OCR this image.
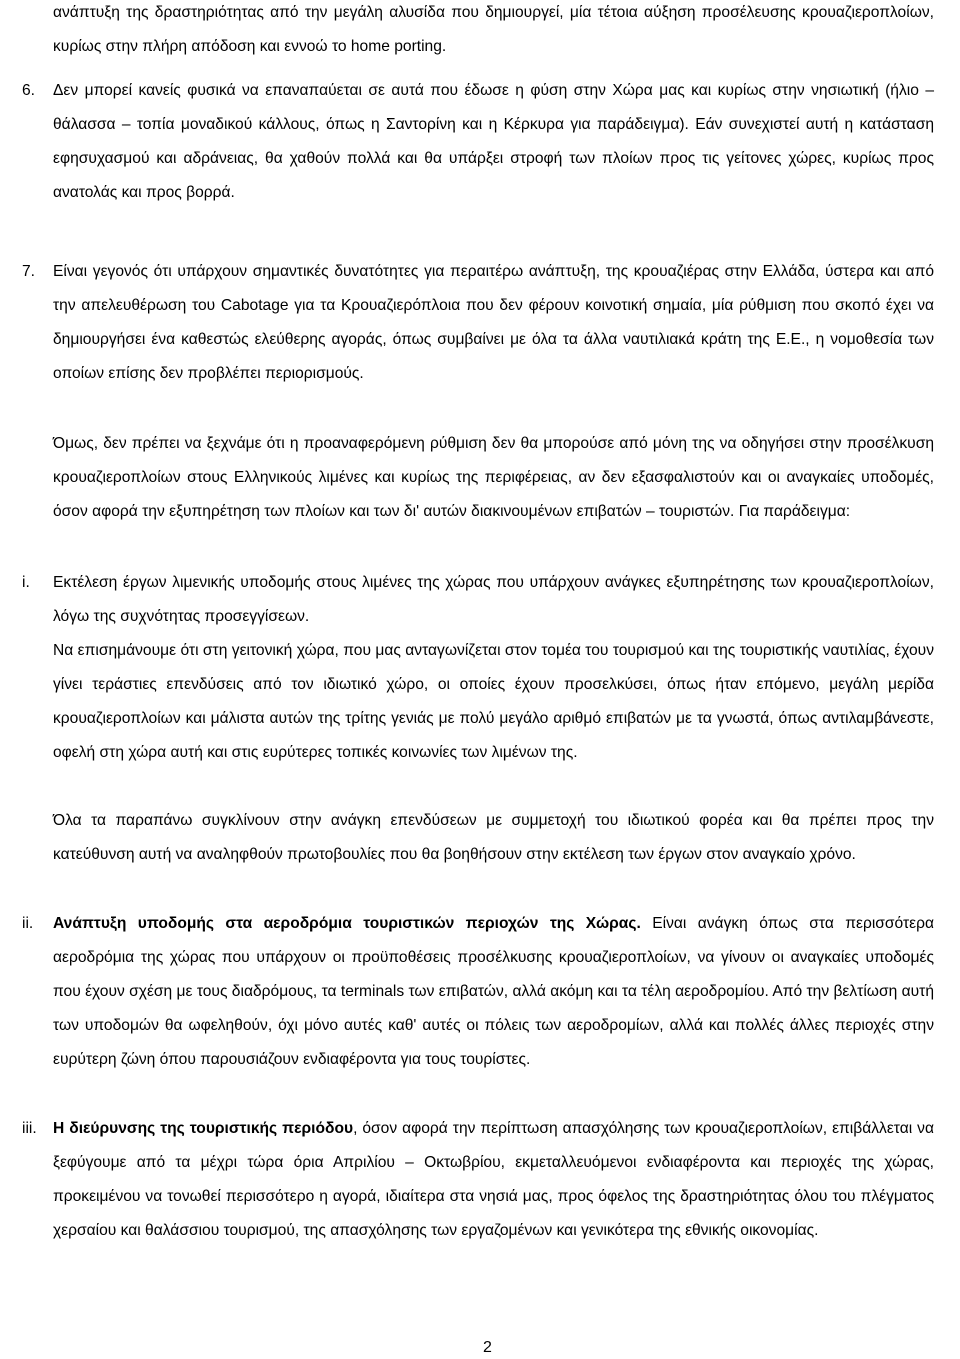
ανάπτυξη της δραστηριότητας από την μεγάλη αλυσίδα που δημιουργεί, μία τέτοια αύξηση προσέλευσης κρουαζιεροπλοίων, κυρίως στην πλήρη απόδοση και εννοώ το home porting.
6. Δεν μπορεί κανείς φυσικά να επαναπαύεται σε αυτά που έδωσε η φύση στην Χώρα μας και κυρίως στην νησιωτική (ήλιο – θάλασσα – τοπία μοναδικού κάλλους, όπως η Σαντορίνη και η Κέρκυρα για παράδειγμα). Εάν συνεχιστεί αυτή η κατάσταση εφησυχασμού και αδράνειας, θα χαθούν πολλά και θα υπάρξει στροφή των πλοίων προς τις γείτονες χώρες, κυρίως προς ανατολάς και προς βορρά.
7. Είναι γεγονός ότι υπάρχουν σημαντικές δυνατότητες για περαιτέρω ανάπτυξη, της κρουαζιέρας στην Ελλάδα, ύστερα και από την απελευθέρωση του Cabotage για τα Κρουαζιερόπλοια που δεν φέρουν κοινοτική σημαία, μία ρύθμιση που σκοπό έχει να δημιουργήσει ένα καθεστώς ελεύθερης αγοράς, όπως συμβαίνει με όλα τα άλλα ναυτιλιακά κράτη της Ε.Ε., η νομοθεσία των οποίων επίσης δεν προβλέπει περιορισμούς.
Όμως, δεν πρέπει να ξεχνάμε ότι η προαναφερόμενη ρύθμιση δεν θα μπορούσε από μόνη της να οδηγήσει στην προσέλκυση κρουαζιεροπλοίων στους Ελληνικούς λιμένες και κυρίως της περιφέρειας, αν δεν εξασφαλιστούν και οι αναγκαίες υποδομές, όσον αφορά την εξυπηρέτηση των πλοίων και των δι' αυτών διακινουμένων επιβατών – τουριστών. Για παράδειγμα:
i. Εκτέλεση έργων λιμενικής υποδομής στους λιμένες της χώρας που υπάρχουν ανάγκες εξυπηρέτησης των κρουαζιεροπλοίων, λόγω της συχνότητας προσεγγίσεων.
Να επισημάνουμε ότι στη γειτονική χώρα, που μας ανταγωνίζεται στον τομέα του τουρισμού και της τουριστικής ναυτιλίας, έχουν γίνει τεράστιες επενδύσεις από τον ιδιωτικό χώρο, οι οποίες έχουν προσελκύσει, όπως ήταν επόμενο, μεγάλη μερίδα κρουαζιεροπλοίων και μάλιστα αυτών της τρίτης γενιάς με πολύ μεγάλο αριθμό επιβατών με τα γνωστά, όπως αντιλαμβάνεστε, οφελή στη χώρα αυτή και στις ευρύτερες τοπικές κοινωνίες των λιμένων της.
Όλα τα παραπάνω συγκλίνουν στην ανάγκη επενδύσεων με συμμετοχή του ιδιωτικού φορέα και θα πρέπει προς την κατεύθυνση αυτή να αναληφθούν πρωτοβουλίες που θα βοηθήσουν στην εκτέλεση των έργων στον αναγκαίο χρόνο.
ii. Ανάπτυξη υποδομής στα αεροδρόμια τουριστικών περιοχών της Χώρας. Είναι ανάγκη όπως στα περισσότερα αεροδρόμια της χώρας που υπάρχουν οι προϋποθέσεις προσέλκυσης κρουαζιεροπλοίων, να γίνουν οι αναγκαίες υποδομές που έχουν σχέση με τους διαδρόμους, τα terminals των επιβατών, αλλά ακόμη και τα τέλη αεροδρομίου. Από την βελτίωση αυτή των υποδομών θα ωφεληθούν, όχι μόνο αυτές καθ' αυτές οι πόλεις των αεροδρομίων, αλλά και πολλές άλλες περιοχές στην ευρύτερη ζώνη όπου παρουσιάζουν ενδιαφέροντα για τους τουρίστες.
iii. Η διεύρυνσης της τουριστικής περιόδου, όσον αφορά την περίπτωση απασχόλησης των κρουαζιεροπλοίων, επιβάλλεται να ξεφύγουμε από τα μέχρι τώρα όρια Απριλίου – Οκτωβρίου, εκμεταλλευόμενοι ενδιαφέροντα και περιοχές της χώρας, προκειμένου να τονωθεί περισσότερο η αγορά, ιδιαίτερα στα νησιά μας, προς όφελος της δραστηριότητας όλου του πλέγματος χερσαίου και θαλάσσιου τουρισμού, της απασχόλησης των εργαζομένων και γενικότερα της εθνικής οικονομίας.
2
